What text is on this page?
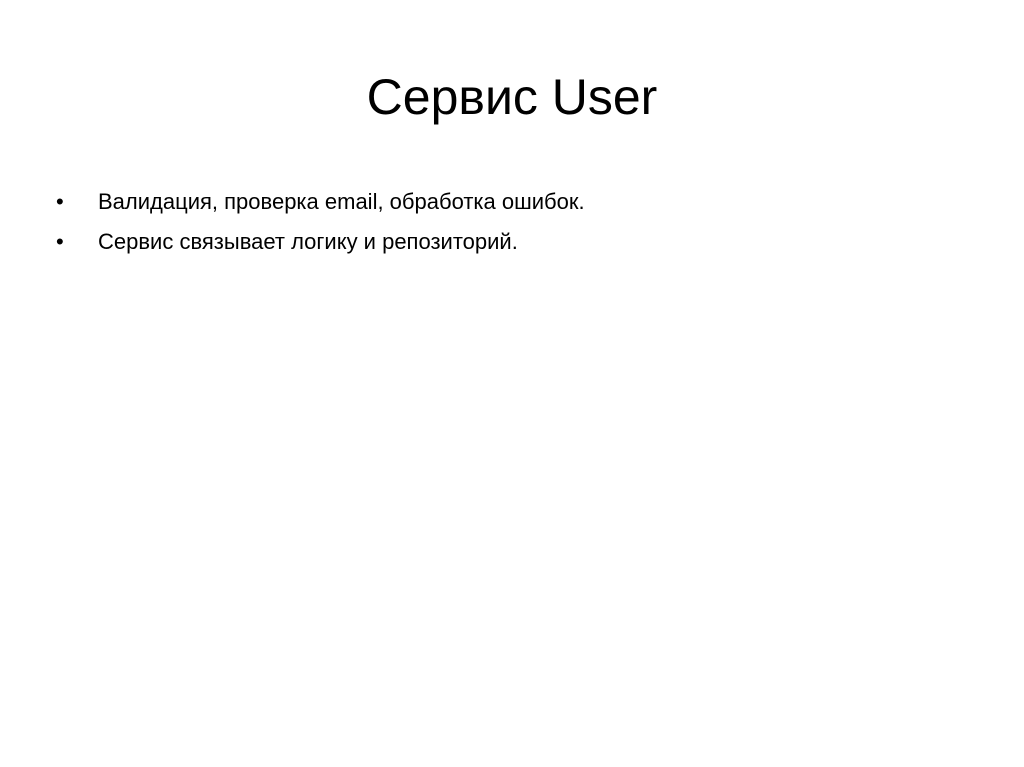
Сервис User
•	Валидация, проверка email, обработка ошибок.
•	Сервис связывает логику и репозиторий.
